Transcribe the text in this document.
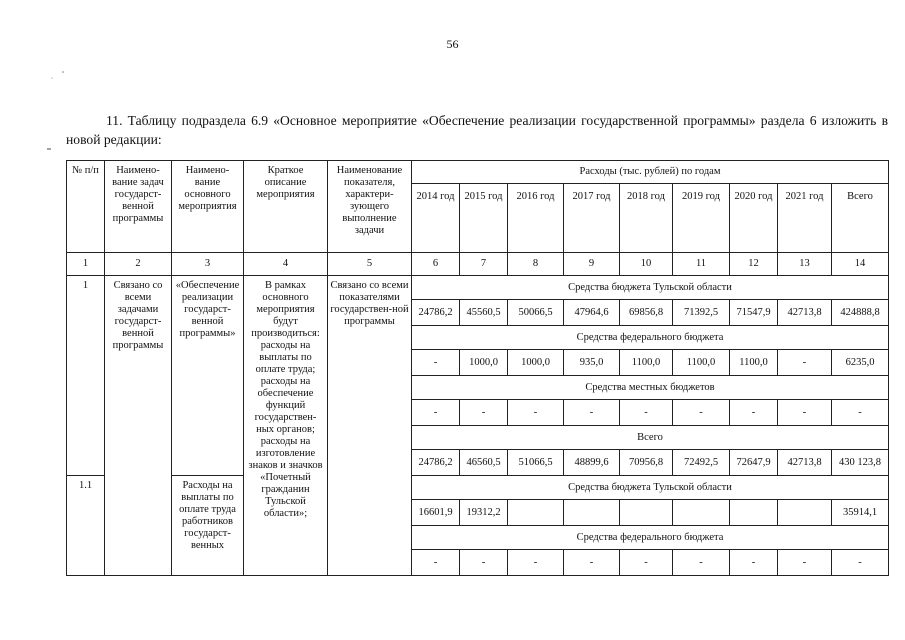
56
11. Таблицу подраздела 6.9 «Основное мероприятие «Обеспечение реализации государственной программы» раздела 6 изложить в новой редакции:
№ п/п	Наимено-вание задач государст-венной программы	Наимено-вание основного мероприятия	Краткое описание мероприятия	Наименование показателя, характери-зующего выполнение задачи	Расходы (тыс. рублей) по годам								
					2014 год	2015 год	2016 год	2017 год	2018 год	2019 год	2020 год	2021 год	Всего
1	2	3	4	5	6	7	8	9	10	11	12	13	14
1	Связано со всеми задачами государст-венной программы	«Обеспечение реализации государст-венной программы»	В рамках основного мероприятия будут производиться: расходы на выплаты по оплате труда; расходы на обеспечение функций государствен-ных органов; расходы на изготовление знаков и значков «Почетный гражданин Тульской области»;	Связано со всеми показателями государствен-ной программы	Средства бюджета Тульской области								
					24786,2	45560,5	50066,5	47964,6	69856,8	71392,5	71547,9	42713,8	424888,8
					Средства федерального бюджета								
					-	1000,0	1000,0	935,0	1100,0	1100,0	1100,0	-	6235,0
					Средства местных бюджетов								
					-	-	-	-	-	-	-	-	-
					Всего								
					24786,2	46560,5	51066,5	48899,6	70956,8	72492,5	72647,9	42713,8	430 123,8
1.1		Расходы на выплаты по оплате труда работников государст-венных			Средства бюджета Тульской области								
					16601,9	19312,2							35914,1
					Средства федерального бюджета								
					-	-	-	-	-	-	-	-	-
